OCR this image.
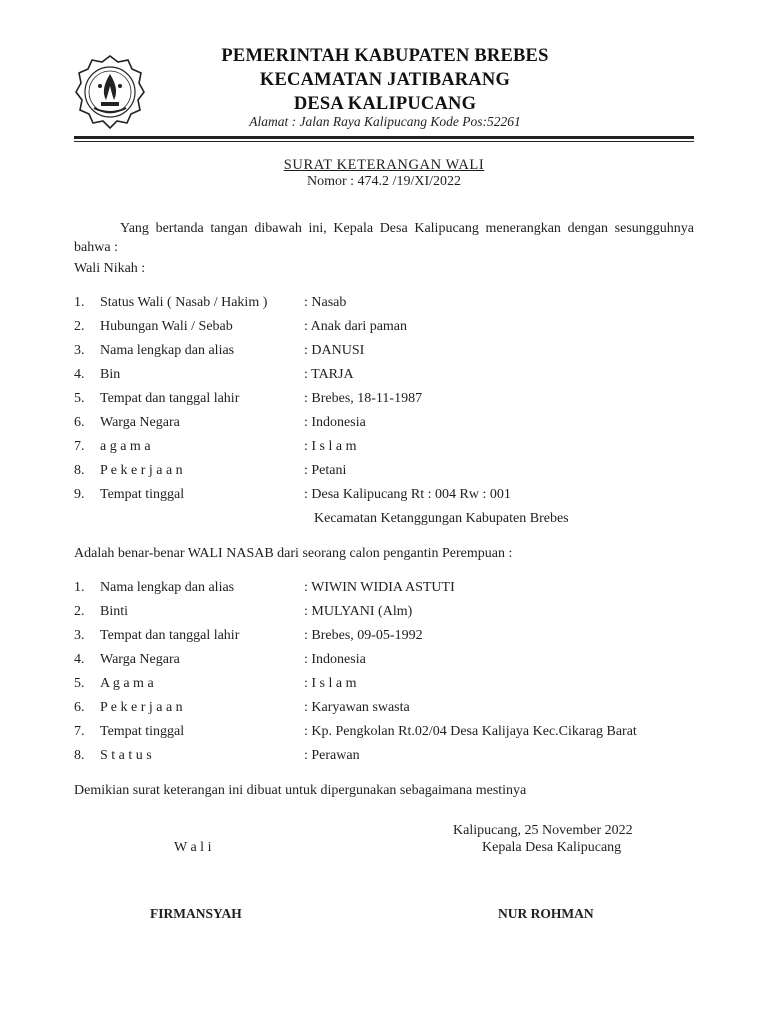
PEMERINTAH KABUPATEN BREBES
KECAMATAN JATIBARANG
DESA KALIPUCANG
Alamat : Jalan Raya Kalipucang Kode Pos:52261
SURAT KETERANGAN WALI
Nomor : 474.2 /19/XI/2022
Yang bertanda tangan dibawah ini, Kepala Desa Kalipucang menerangkan dengan sesungguhnya bahwa :
Wali Nikah :
1. Status Wali ( Nasab / Hakim )	: Nasab
2. Hubungan Wali / Sebab	: Anak dari paman
3. Nama lengkap dan alias	: DANUSI
4. Bin	: TARJA
5. Tempat dan tanggal lahir	: Brebes, 18-11-1987
6. Warga Negara	: Indonesia
7. a g a m a	: I s l a m
8. P e k e r j a a n	: Petani
9. Tempat tinggal	: Desa Kalipucang Rt : 004 Rw : 001
Kecamatan Ketanggungan Kabupaten Brebes
Adalah benar-benar WALI NASAB dari seorang calon pengantin Perempuan :
1. Nama lengkap dan alias	: WIWIN WIDIA ASTUTI
2. Binti	: MULYANI (Alm)
3. Tempat dan tanggal lahir	: Brebes, 09-05-1992
4. Warga Negara	: Indonesia
5. A g a m a	: I s l a m
6. P e k e r j a a n	: Karyawan swasta
7. Tempat tinggal	: Kp. Pengkolan Rt.02/04 Desa Kalijaya Kec.Cikarag Barat
8. S t a t u s	: Perawan
Demikian surat keterangan ini dibuat untuk dipergunakan sebagaimana mestinya
Kalipucang, 25 November 2022
W a l i	Kepala Desa Kalipucang
FIRMANSYAH	NUR ROHMAN
